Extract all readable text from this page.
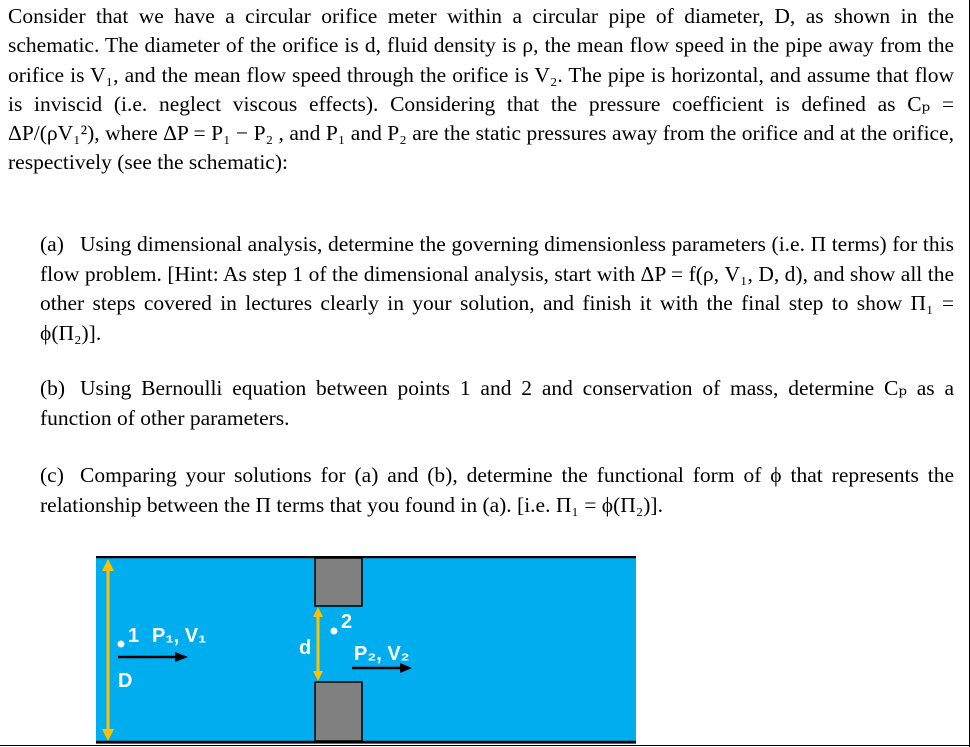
Consider that we have a circular orifice meter within a circular pipe of diameter, D, as shown in the schematic. The diameter of the orifice is d, fluid density is ρ, the mean flow speed in the pipe away from the orifice is V₁, and the mean flow speed through the orifice is V₂. The pipe is horizontal, and assume that flow is inviscid (i.e. neglect viscous effects). Considering that the pressure coefficient is defined as Cₚ = ΔP/(ρV₁²), where ΔP = P₁ − P₂ , and P₁ and P₂ are the static pressures away from the orifice and at the orifice, respectively (see the schematic):
(a) Using dimensional analysis, determine the governing dimensionless parameters (i.e. Π terms) for this flow problem. [Hint: As step 1 of the dimensional analysis, start with ΔP = f(ρ, V₁, D, d), and show all the other steps covered in lectures clearly in your solution, and finish it with the final step to show Π₁ = ϕ(Π₂)].
(b) Using Bernoulli equation between points 1 and 2 and conservation of mass, determine Cₚ as a function of other parameters.
(c) Comparing your solutions for (a) and (b), determine the functional form of ϕ that represents the relationship between the Π terms that you found in (a). [i.e. Π₁ = ϕ(Π₂)].
1 P₁, V₁
D
d
2
P₂, V₂
